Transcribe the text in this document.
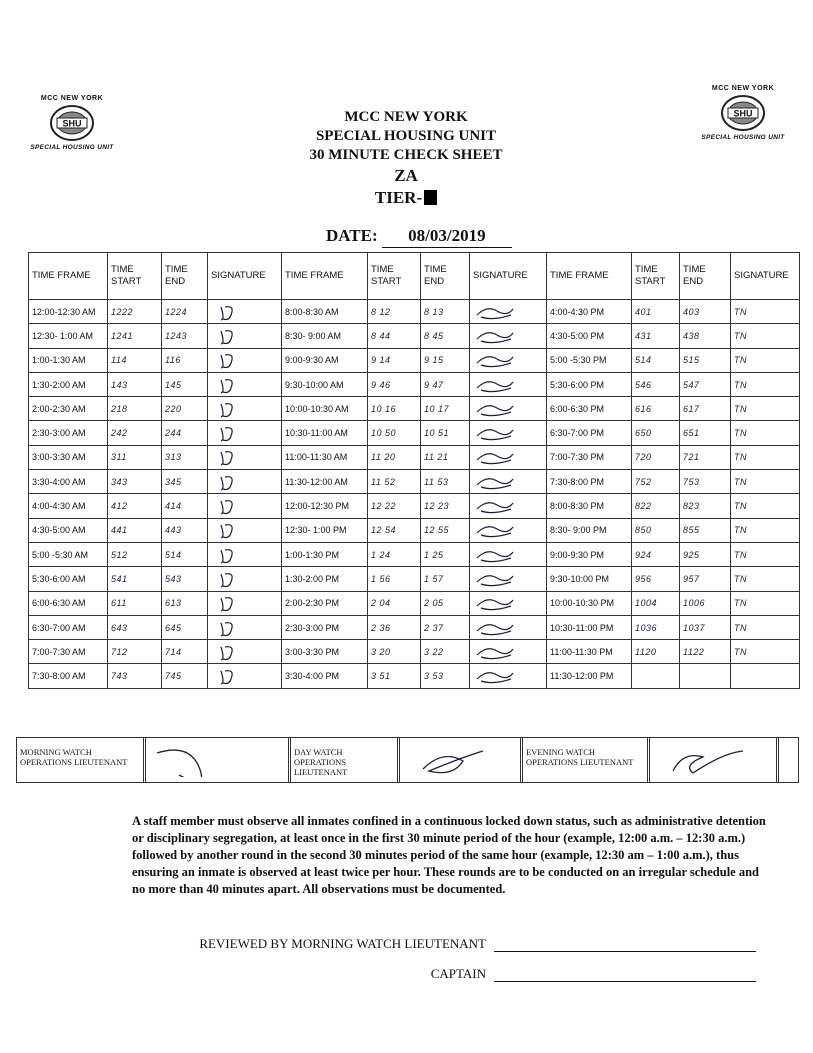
MCC NEW YORK
SHU
SPECIAL HOUSING UNIT
MCC NEW YORK
SHU
SPECIAL HOUSING UNIT
MCC NEW YORK
SPECIAL HOUSING UNIT
30 MINUTE CHECK SHEET
ZA
TIER-
DATE: 08/03/2019
TIME FRAME	TIME START	TIME END	SIGNATURE	TIME FRAME	TIME START	TIME END	SIGNATURE	TIME FRAME	TIME START	TIME END	SIGNATURE
12:00-12:30 AM	1222	1224		8:00-8:30 AM	8 12	8 13		4:00-4:30 PM	401	403	TN
12:30- 1:00 AM	1241	1243		8:30- 9:00 AM	8 44	8 45		4:30-5:00 PM	431	438	TN
1:00-1:30 AM	114	116		9:00-9:30 AM	9 14	9 15		5:00 -5:30 PM	514	515	TN
1:30-2:00 AM	143	145		9:30-10:00 AM	9 46	9 47		5:30-6:00 PM	546	547	TN
2:00-2:30 AM	218	220		10:00-10:30 AM	10 16	10 17		6:00-6:30 PM	616	617	TN
2:30-3:00 AM	242	244		10:30-11:00 AM	10 50	10 51		6:30-7:00 PM	650	651	TN
3:00-3:30 AM	311	313		11:00-11:30 AM	11 20	11 21		7:00-7:30 PM	720	721	TN
3:30-4:00 AM	343	345		11:30-12:00 AM	11 52	11 53		7:30-8:00 PM	752	753	TN
4:00-4:30 AM	412	414		12:00-12:30 PM	12 22	12 23		8:00-8:30 PM	822	823	TN
4:30-5:00 AM	441	443		12:30- 1:00 PM	12 54	12 55		8:30- 9:00 PM	850	855	TN
5:00 -5:30 AM	512	514		1:00-1:30 PM	1 24	1 25		9:00-9:30 PM	924	925	TN
5:30-6:00 AM	541	543		1:30-2:00 PM	1 56	1 57		9:30-10:00 PM	956	957	TN
6:00-6:30 AM	611	613		2:00-2:30 PM	2 04	2 05		10:00-10:30 PM	1004	1006	TN
6:30-7:00 AM	643	645		2:30-3:00 PM	2 36	2 37		10:30-11:00 PM	1036	1037	TN
7:00-7:30 AM	712	714		3:00-3:30 PM	3 20	3 22		11:00-11:30 PM	1120	1122	TN
7:30-8:00 AM	743	745		3:30-4:00 PM	3 51	3 53		11:30-12:00 PM			
MORNING WATCH OPERATIONS LIEUTENANT
DAY WATCH OPERATIONS LIEUTENANT
EVENING WATCH OPERATIONS LIEUTENANT
A staff member must observe all inmates confined in a continuous locked down status, such as administrative detention or disciplinary segregation, at least once in the first 30 minute period of the hour (example, 12:00 a.m. – 12:30 a.m.) followed by another round in the second 30 minutes period of the same hour (example, 12:30 am – 1:00 a.m.), thus ensuring an inmate is observed at least twice per hour. These rounds are to be conducted on an irregular schedule and no more than 40 minutes apart. All observations must be documented.
REVIEWED BY MORNING WATCH LIEUTENANT
CAPTAIN
